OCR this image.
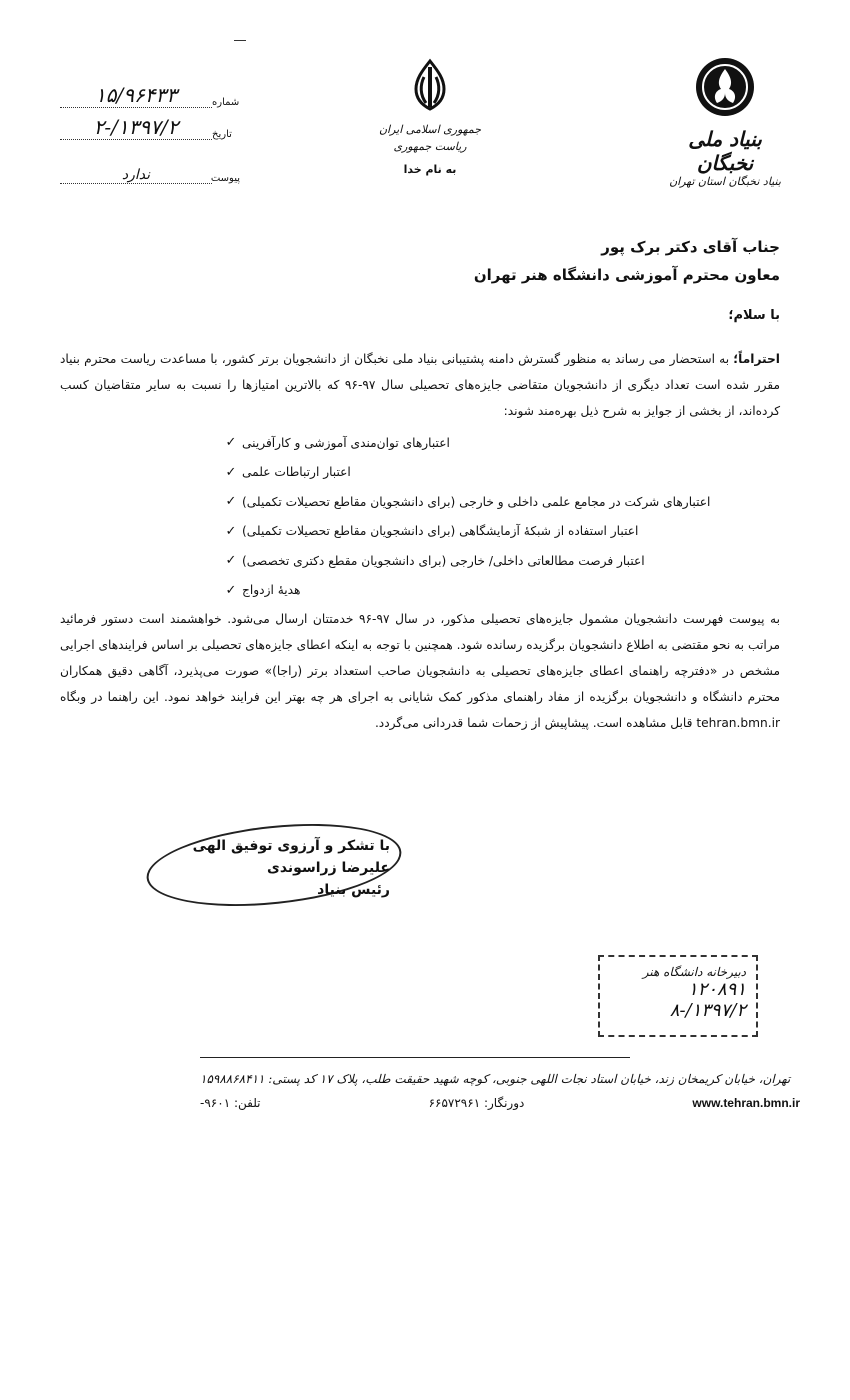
شماره
۱۵/۹۶۴۳۳
تاریخ
۱۳۹۷/۲/-۲
پیوست
ندارد
جمهوری اسلامی ایران
ریاست جمهوری
به نام خدا
بنیاد ملی نخبگان
بنیاد نخبگان استان تهران
جناب آقای دکتر برک پور
معاون محترم آموزشی دانشگاه هنر تهران
با سلام؛
احتراماً؛ به استحضار می رساند به منظور گسترش دامنه پشتیبانی بنیاد ملی نخبگان از دانشجویان برتر کشور، با مساعدت ریاست محترم بنیاد مقرر شده است تعداد دیگری از دانشجویان متقاضی جایزه‌های تحصیلی سال ۹۷-۹۶ که بالاترین امتیازها را نسبت به سایر متقاضیان کسب کرده‌اند، از بخشی از جوایز به شرح ذیل بهره‌مند شوند:
✓ اعتبارهای توان‌مندی آموزشی و کارآفرینی
✓ اعتبار ارتباطات علمی
✓ اعتبارهای شرکت در مجامع علمی داخلی و خارجی (برای دانشجویان مقاطع تحصیلات تکمیلی)
✓ اعتبار استفاده از شبکهٔ آزمایشگاهی (برای دانشجویان مقاطع تحصیلات تکمیلی)
✓ اعتبار فرصت مطالعاتی داخلی/ خارجی (برای دانشجویان مقطع دکتری تخصصی)
✓ هدیهٔ ازدواج
به پیوست فهرست دانشجویان مشمول جایزه‌های تحصیلی مذکور، در سال ۹۷-۹۶ خدمتتان ارسال می‌شود. خواهشمند است دستور فرمائید مراتب به نحو مقتضی به اطلاع دانشجویان برگزیده رسانده شود. همچنین با توجه به اینکه اعطای جایزه‌های تحصیلی بر اساس فرایندهای اجرایی مشخص در «دفترچه راهنمای اعطای جایزه‌های تحصیلی به دانشجویان صاحب استعداد برتر (راجا)» صورت می‌پذیرد، آگاهی دقیق همکاران محترم دانشگاه و دانشجویان برگزیده از مفاد راهنمای مذکور کمک شایانی به اجرای هر چه بهتر این فرایند خواهد نمود. این راهنما در وبگاه tehran.bmn.ir قابل مشاهده است. پیشاپیش از زحمات شما قدردانی می‌گردد.
با تشکر و آرزوی توفیق الهی
علیرضا زراسوندی
رئیس بنیاد
دبیرخانه دانشگاه هنر
۱۲۰۸۹۱
۱۳۹۷/۲/-۸
تهران، خیابان کریمخان زند، خیابان استاد نجات اللهی جنوبی، کوچه شهید حقیقت طلب، پلاک ۱۷ کد پستی: ۱۵۹۸۸۶۸۴۱۱
تلفن: ۹۶۰۱-	دورنگار: ۶۶۵۷۲۹۶۱	www.tehran.bmn.ir
